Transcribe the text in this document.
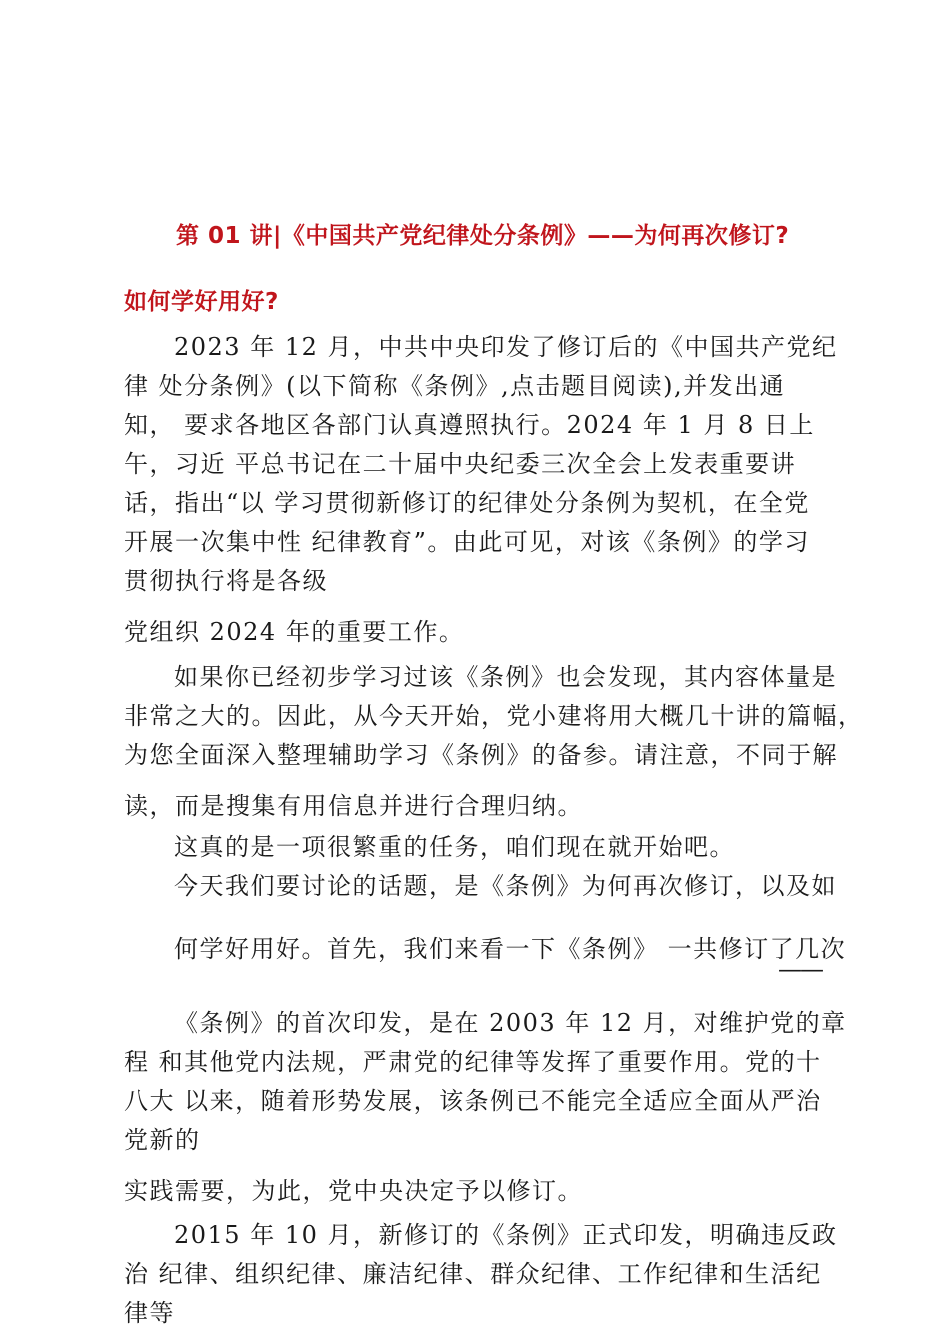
第 01 讲|《中国共产党纪律处分条例》——为何再次修订?
如何学好用好?
2023 年 12 月，中共中央印发了修订后的《中国共产党纪
律 处分条例》(以下简称《条例》,点击题目阅读),并发出通
知， 要求各地区各部门认真遵照执行。2024 年 1 月 8 日上
午，习近 平总书记在二十届中央纪委三次全会上发表重要讲
话，指出“以 学习贯彻新修订的纪律处分条例为契机，在全党
开展一次集中性 纪律教育”。由此可见，对该《条例》的学习
贯彻执行将是各级
党组织 2024 年的重要工作。
如果你已经初步学习过该《条例》也会发现，其内容体量是
非常之大的。因此，从今天开始，党小建将用大概几十讲的篇幅，
为您全面深入整理辅助学习《条例》的备参。请注意，不同于解
读，而是搜集有用信息并进行合理归纳。
这真的是一项很繁重的任务，咱们现在就开始吧。
今天我们要讨论的话题，是《条例》为何再次修订，以及如
何学好用好。首先，我们来看一下《条例》 一共修订了几次
——
《条例》的首次印发，是在 2003 年 12 月，对维护党的章
程 和其他党内法规，严肃党的纪律等发挥了重要作用。党的十
八大 以来，随着形势发展，该条例已不能完全适应全面从严治
党新的
实践需要，为此，党中央决定予以修订。
2015 年 10 月，新修订的《条例》正式印发，明确违反政
治 纪律、组织纪律、廉洁纪律、群众纪律、工作纪律和生活纪
律等
